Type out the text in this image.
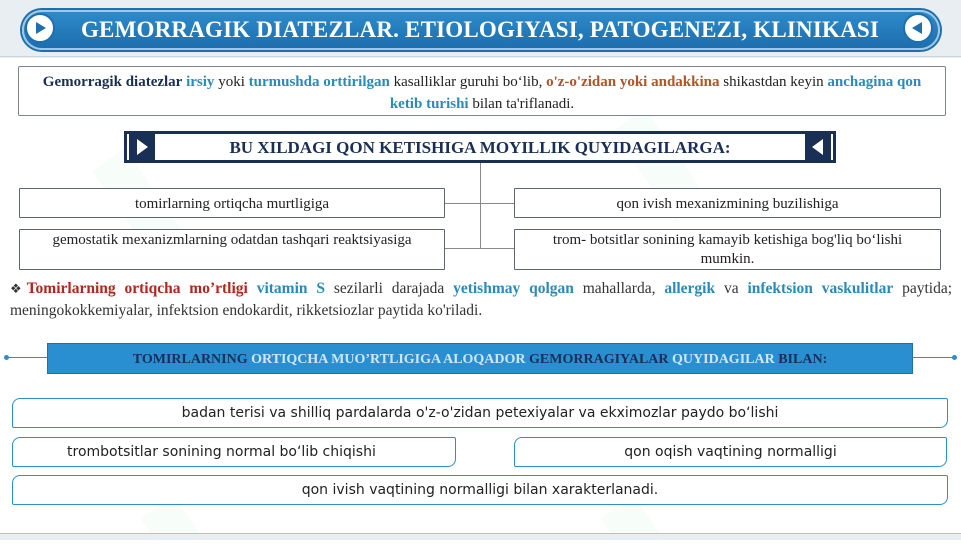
GEMORRAGIK DIATEZLAR. ETIOLOGIYASI, PATOGENEZI, KLINIKASI
Gemorragik diatezlar irsiy yoki turmushda orttirilgan kasalliklar guruhi bo‘lib, o'z-o'zidan yoki andakkina shikastdan keyin anchagina qon ketib turishi bilan ta'riflanadi.
BU XILDAGI QON KETISHIGA MOYILLIK QUYIDAGILARGA:
tomirlarning ortiqcha murtligiga	qon ivish mexanizmining buzilishiga
gemostatik mexanizmlarning odatdan tashqari reaktsiyasiga	trom- botsitlar sonining kamayib ketishiga bog'liq bo‘lishi mumkin.
❖Tomirlarning ortiqcha mo’rtligi vitamin S sezilarli darajada yetishmay qolgan mahallarda, allergik va infektsion vaskulitlar paytida; meningokokkemiyalar, infektsion endokardit, rikketsiozlar paytida ko'riladi.
TOMIRLARNING ORTIQCHA MUO’RTLIGIGA ALOQADOR GEMORRAGIYALAR QUYIDAGILAR BILAN:
badan terisi va shilliq pardalarda o'z-o'zidan petexiyalar va ekximozlar paydo bo‘lishi
trombotsitlar sonining normal bo‘lib chiqishi	qon oqish vaqtining normalligi
qon ivish vaqtining normalligi bilan xarakterlanadi.
